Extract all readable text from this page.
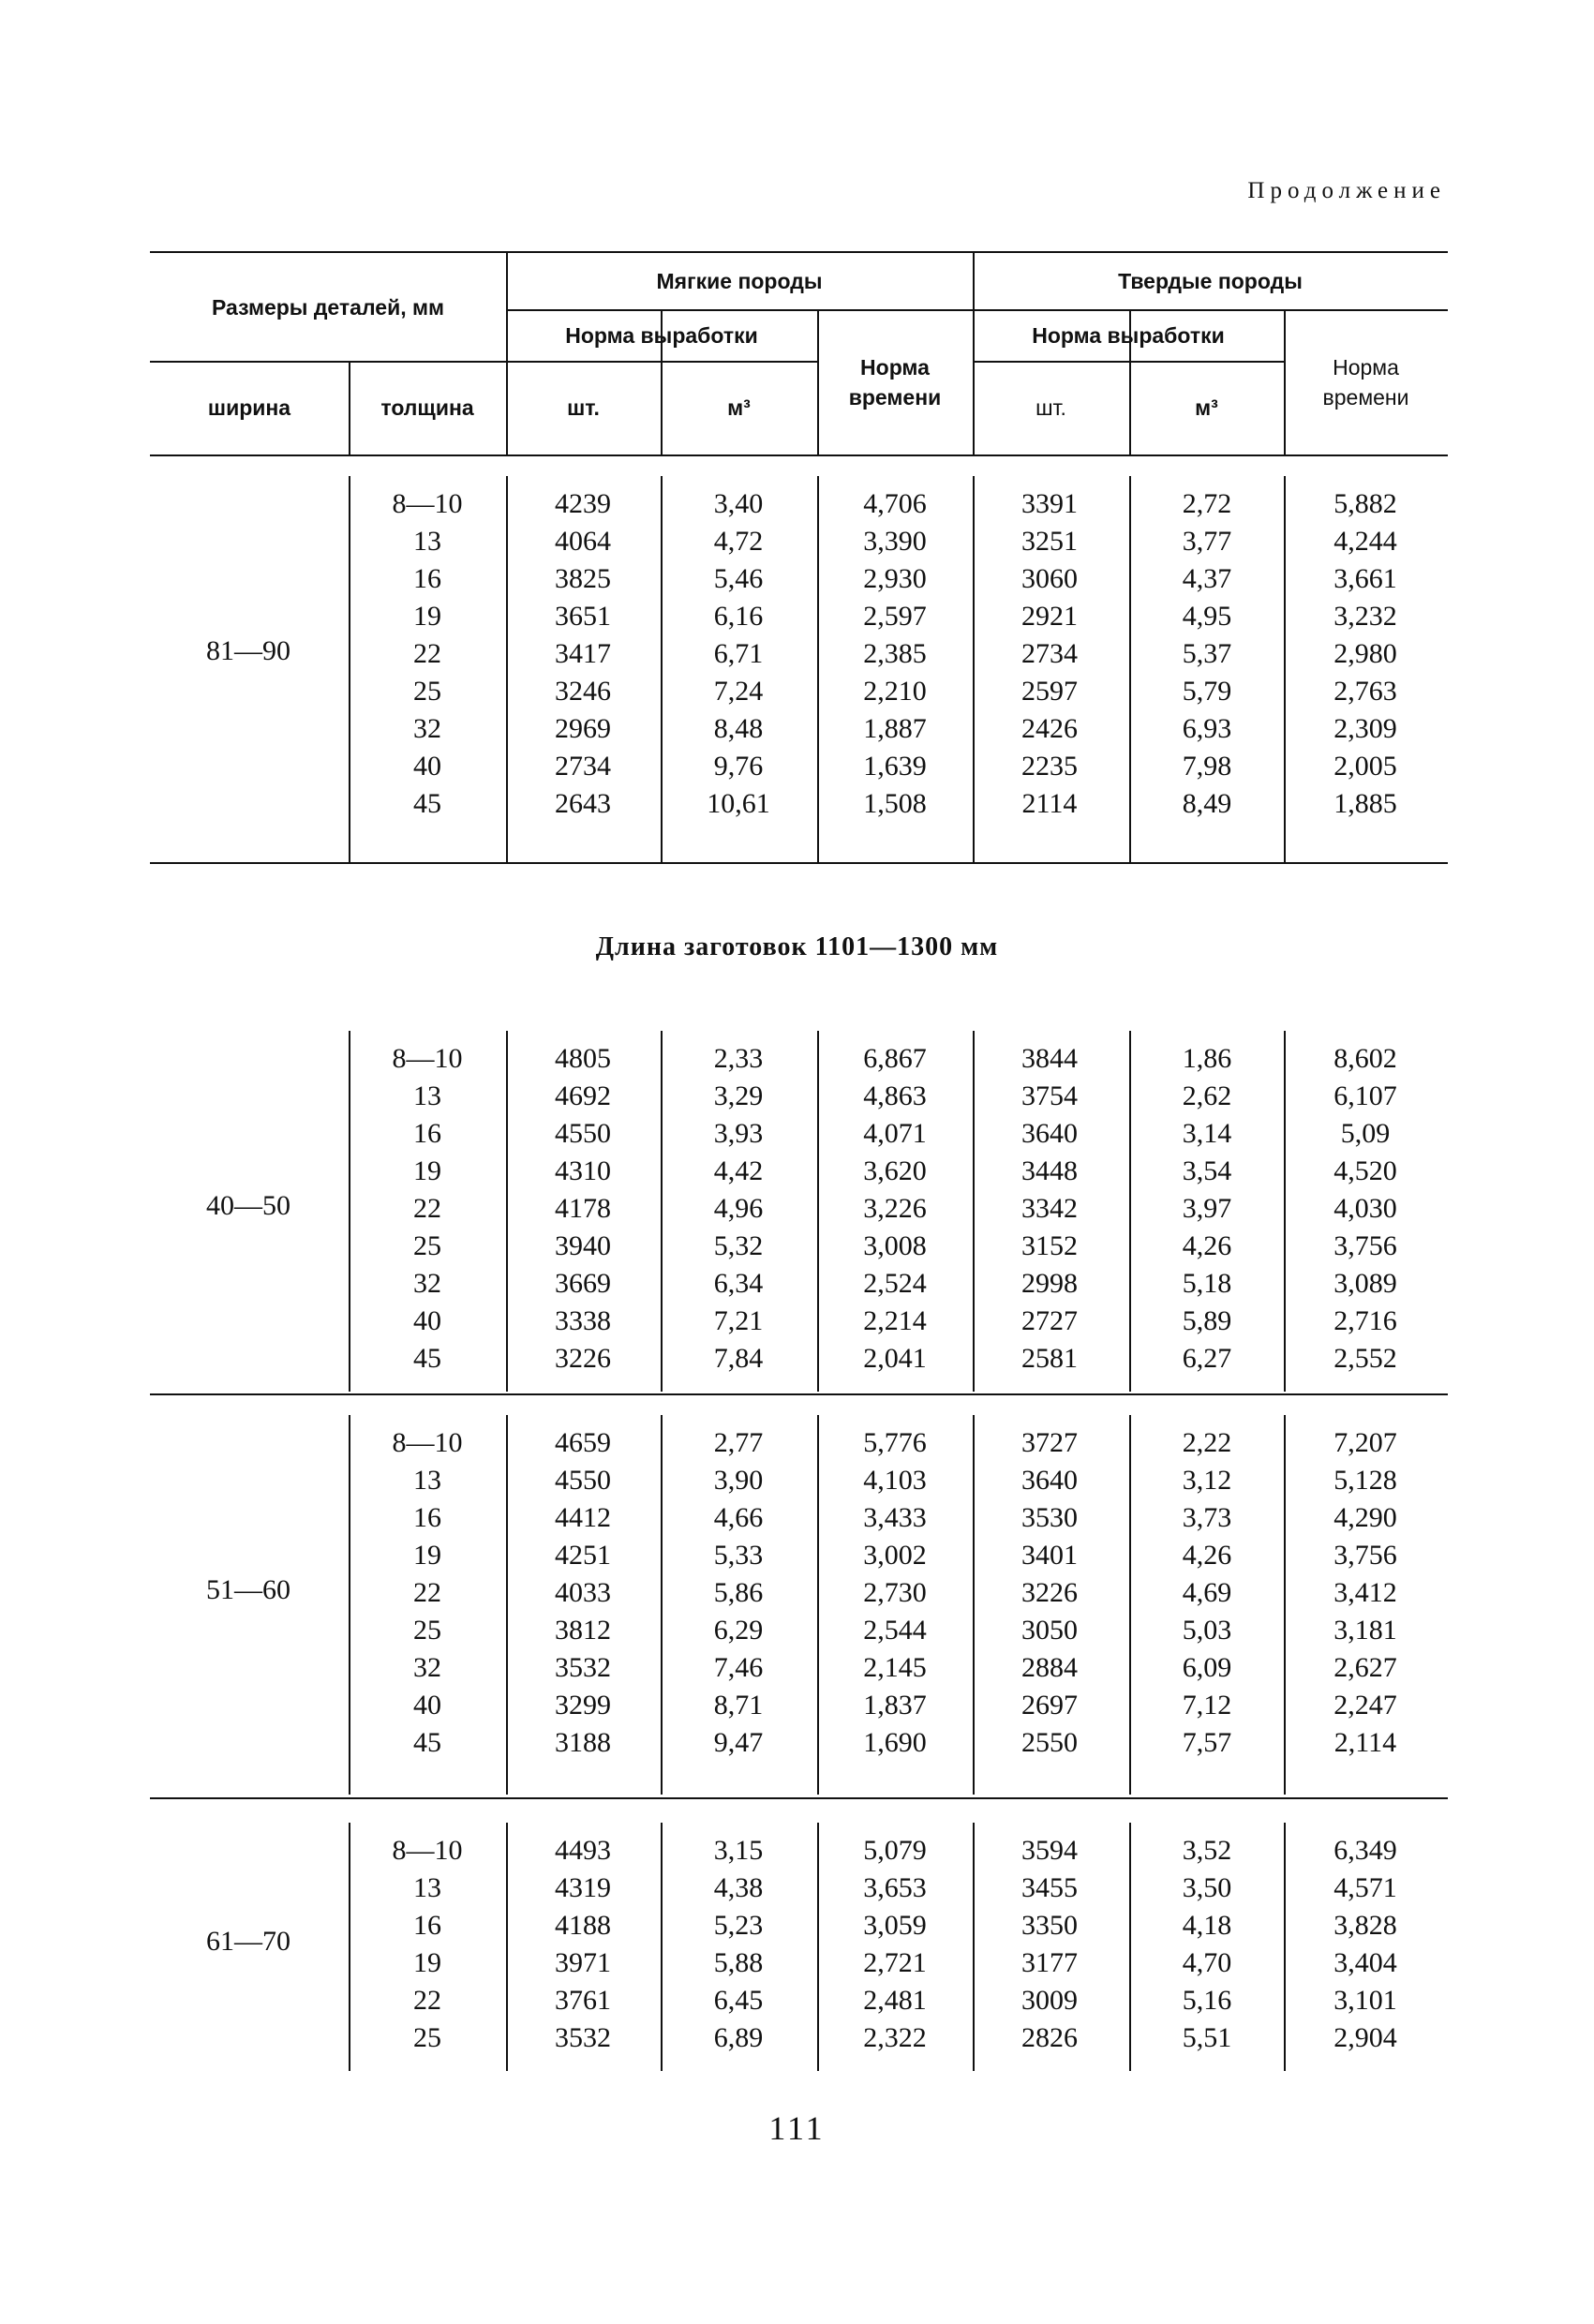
Продолжение
Размеры деталей, мм
Мягкие породы	Твердые породы
Норма выработки
Норма времени
Норма выработки
Норма времени
ширина	толщина	шт.	м³	шт.	м³
81—90
8—10	4239	3,40	4,706	3391	2,72	5,882
13	4064	4,72	3,390	3251	3,77	4,244
16	3825	5,46	2,930	3060	4,37	3,661
19	3651	6,16	2,597	2921	4,95	3,232
22	3417	6,71	2,385	2734	5,37	2,980
25	3246	7,24	2,210	2597	5,79	2,763
32	2969	8,48	1,887	2426	6,93	2,309
40	2734	9,76	1,639	2235	7,98	2,005
45	2643	10,61	1,508	2114	8,49	1,885
Длина заготовок 1101—1300 мм
40—50
8—10	4805	2,33	6,867	3844	1,86	8,602
13	4692	3,29	4,863	3754	2,62	6,107
16	4550	3,93	4,071	3640	3,14	5,09
19	4310	4,42	3,620	3448	3,54	4,520
22	4178	4,96	3,226	3342	3,97	4,030
25	3940	5,32	3,008	3152	4,26	3,756
32	3669	6,34	2,524	2998	5,18	3,089
40	3338	7,21	2,214	2727	5,89	2,716
45	3226	7,84	2,041	2581	6,27	2,552
51—60
8—10	4659	2,77	5,776	3727	2,22	7,207
13	4550	3,90	4,103	3640	3,12	5,128
16	4412	4,66	3,433	3530	3,73	4,290
19	4251	5,33	3,002	3401	4,26	3,756
22	4033	5,86	2,730	3226	4,69	3,412
25	3812	6,29	2,544	3050	5,03	3,181
32	3532	7,46	2,145	2884	6,09	2,627
40	3299	8,71	1,837	2697	7,12	2,247
45	3188	9,47	1,690	2550	7,57	2,114
61—70
8—10	4493	3,15	5,079	3594	3,52	6,349
13	4319	4,38	3,653	3455	3,50	4,571
16	4188	5,23	3,059	3350	4,18	3,828
19	3971	5,88	2,721	3177	4,70	3,404
22	3761	6,45	2,481	3009	5,16	3,101
25	3532	6,89	2,322	2826	5,51	2,904
111
